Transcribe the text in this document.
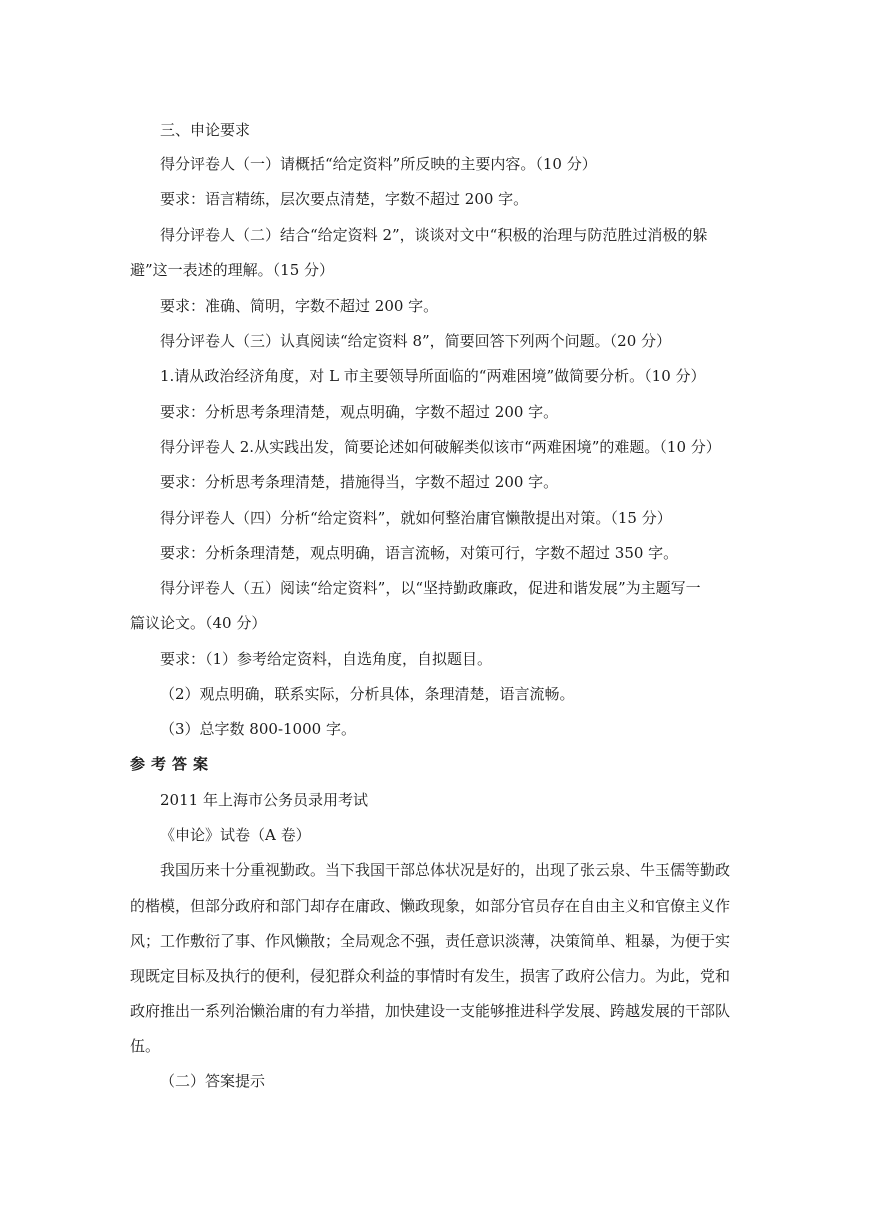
三、申论要求
得分评卷人（一）请概括“给定资料”所反映的主要内容。（10 分）
要求：语言精练，层次要点清楚，字数不超过 200 字。
得分评卷人（二）结合“给定资料 2”，谈谈对文中“积极的治理与防范胜过消极的躲
避”这一表述的理解。（15 分）
要求：准确、简明，字数不超过 200 字。
得分评卷人（三）认真阅读“给定资料 8”，简要回答下列两个问题。（20 分）
1.请从政治经济角度，对 L 市主要领导所面临的“两难困境”做简要分析。（10 分）
要求：分析思考条理清楚，观点明确，字数不超过 200 字。
得分评卷人 2.从实践出发，简要论述如何破解类似该市“两难困境”的难题。（10 分）
要求：分析思考条理清楚，措施得当，字数不超过 200 字。
得分评卷人（四）分析“给定资料”，就如何整治庸官懒散提出对策。（15 分）
要求：分析条理清楚，观点明确，语言流畅，对策可行，字数不超过 350 字。
得分评卷人（五）阅读“给定资料”，以“坚持勤政廉政，促进和谐发展”为主题写一
篇议论文。（40 分）
要求：（1）参考给定资料，自选角度，自拟题目。
（2）观点明确，联系实际，分析具体，条理清楚，语言流畅。
（3）总字数 800-1000 字。
参考答案
2011 年上海市公务员录用考试
《申论》试卷（A 卷）
我国历来十分重视勤政。当下我国干部总体状况是好的，出现了张云泉、牛玉儒等勤政
的楷模，但部分政府和部门却存在庸政、懒政现象，如部分官员存在自由主义和官僚主义作
风；工作敷衍了事、作风懒散；全局观念不强，责任意识淡薄，决策简单、粗暴，为便于实
现既定目标及执行的便利，侵犯群众利益的事情时有发生，损害了政府公信力。为此，党和
政府推出一系列治懒治庸的有力举措，加快建设一支能够推进科学发展、跨越发展的干部队
伍。
（二）答案提示
